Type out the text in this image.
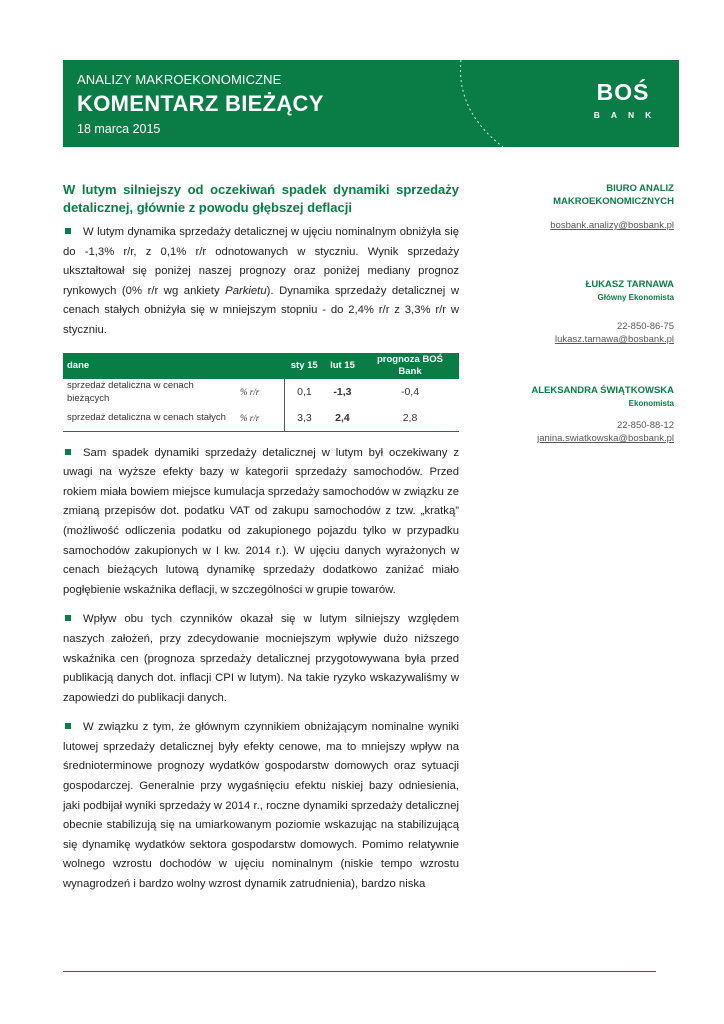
ANALIZY MAKROEKONOMICZNE
KOMENTARZ BIEŻĄCY
18 marca 2015
BOŚ
BANK

W lutym silniejszy od oczekiwań spadek dynamiki sprzedaży detalicznej, głównie z powodu głębszej deflacji

W lutym dynamika sprzedaży detalicznej w ujęciu nominalnym obniżyła się do -1,3% r/r, z 0,1% r/r odnotowanych w styczniu. Wynik sprzedaży ukształtował się poniżej naszej prognozy oraz poniżej mediany prognoz rynkowych (0% r/r wg ankiety Parkietu). Dynamika sprzedaży detalicznej w cenach stałych obniżyła się w mniejszym stopniu - do 2,4% r/r z 3,3% r/r w styczniu.

dane		sty 15	lut 15	prognoza BOŚ Bank
sprzedaż detaliczna w cenach bieżących	% r/r	0,1	-1,3	-0,4
sprzedaż detaliczna w cenach stałych	% r/r	3,3	2,4	2,8

Sam spadek dynamiki sprzedaży detalicznej w lutym był oczekiwany z uwagi na wyższe efekty bazy w kategorii sprzedaży samochodów. Przed rokiem miała bowiem miejsce kumulacja sprzedaży samochodów w związku ze zmianą przepisów dot. podatku VAT od zakupu samochodów z tzw. „kratką” (możliwość odliczenia podatku od zakupionego pojazdu tylko w przypadku samochodów zakupionych w I kw. 2014 r.). W ujęciu danych wyrażonych w cenach bieżących lutową dynamikę sprzedaży dodatkowo zaniżać miało pogłębienie wskaźnika deflacji, w szczególności w grupie towarów.

Wpływ obu tych czynników okazał się w lutym silniejszy względem naszych założeń, przy zdecydowanie mocniejszym wpływie dużo niższego wskaźnika cen (prognoza sprzedaży detalicznej przygotowywana była przed publikacją danych dot. inflacji CPI w lutym). Na takie ryzyko wskazywaliśmy w zapowiedzi do publikacji danych.

W związku z tym, że głównym czynnikiem obniżającym nominalne wyniki lutowej sprzedaży detalicznej były efekty cenowe, ma to mniejszy wpływ na średnioterminowe prognozy wydatków gospodarstw domowych oraz sytuacji gospodarczej. Generalnie przy wygaśnięciu efektu niskiej bazy odniesienia, jaki podbijał wyniki sprzedaży w 2014 r., roczne dynamiki sprzedaży detalicznej obecnie stabilizują się na umiarkowanym poziomie wskazując na stabilizującą się dynamikę wydatków sektora gospodarstw domowych. Pomimo relatywnie wolnego wzrostu dochodów w ujęciu nominalnym (niskie tempo wzrostu wynagrodzeń i bardzo wolny wzrost dynamik zatrudnienia), bardzo niska

BIURO ANALIZ
MAKROEKONOMICZNYCH
bosbank.analizy@bosbank.pl
ŁUKASZ TARNAWA
Główny Ekonomista
22-850-86-75
lukasz.tarnawa@bosbank.pl
ALEKSANDRA ŚWIĄTKOWSKA
Ekonomista
22-850-88-12
janina.swiatkowska@bosbank.pl
